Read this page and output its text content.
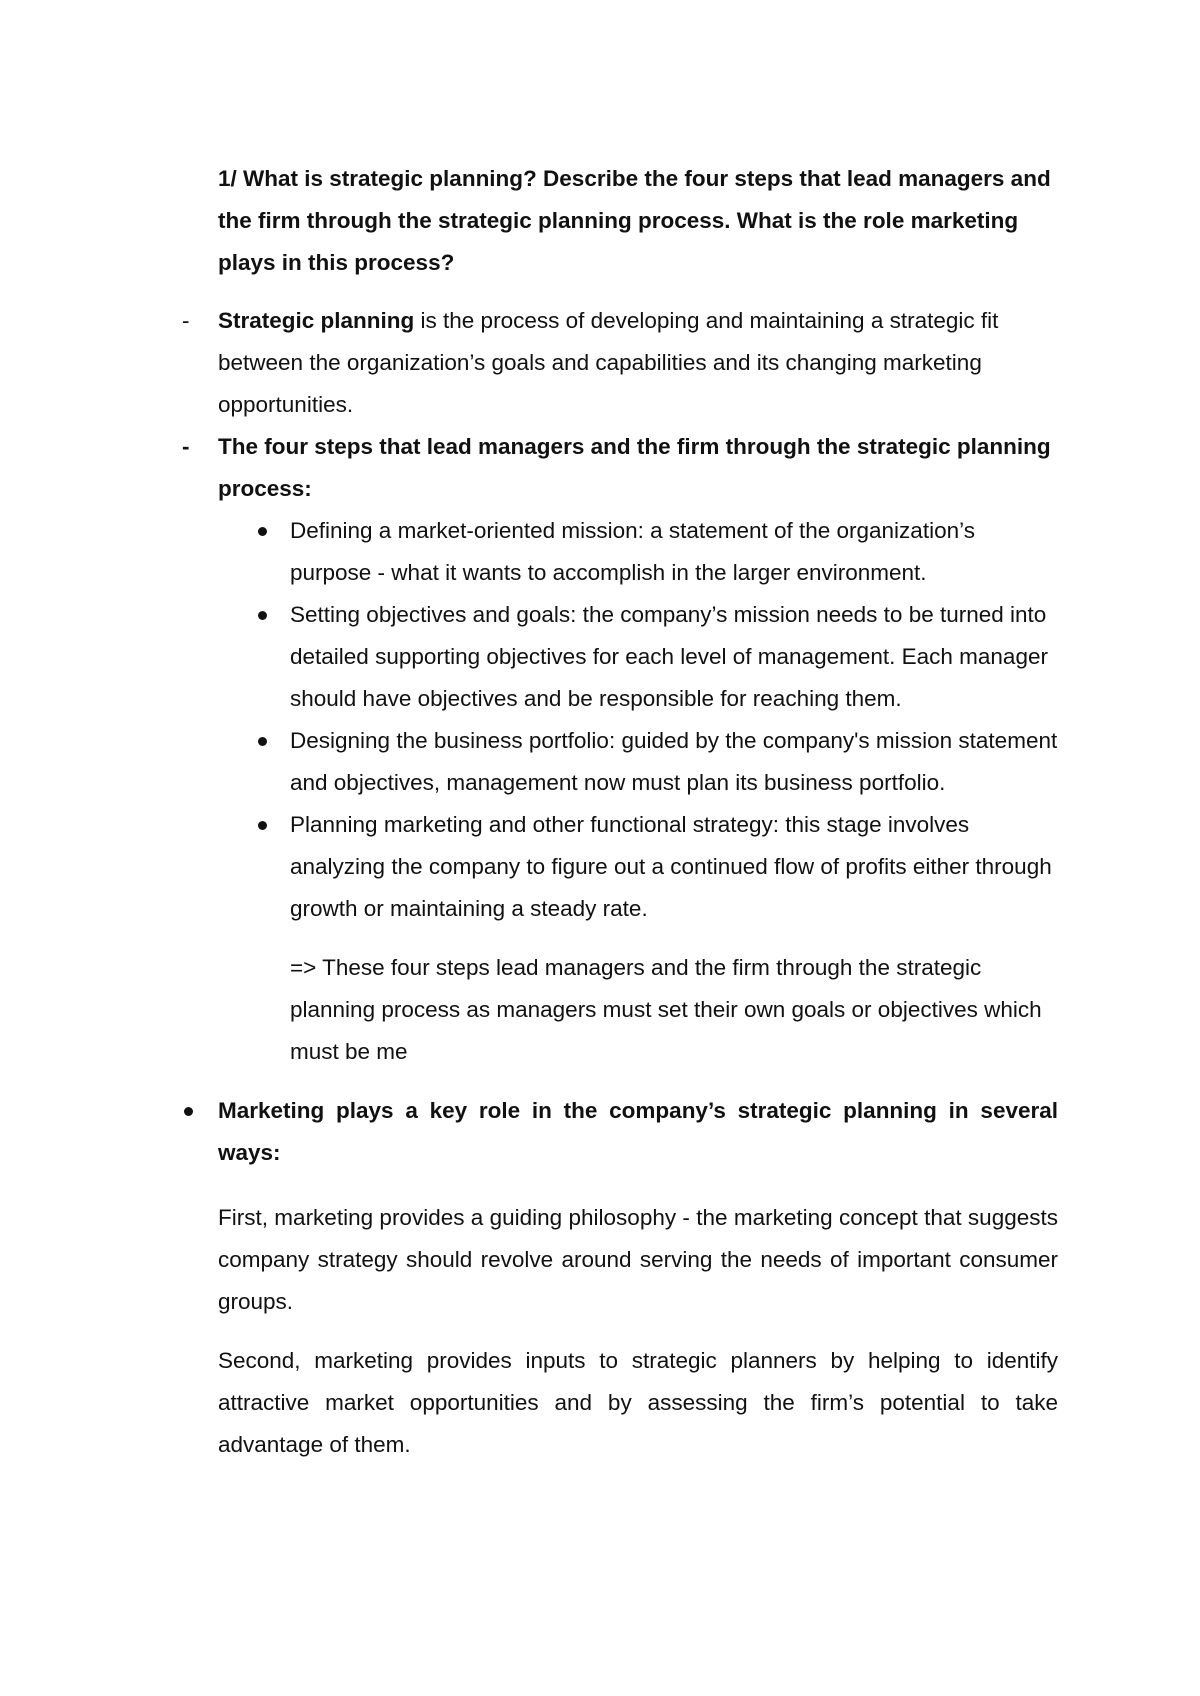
1/ What is strategic planning? Describe the four steps that lead managers and the firm through the strategic planning process. What is the role marketing plays in this process?

- Strategic planning is the process of developing and maintaining a strategic fit between the organization’s goals and capabilities and its changing marketing opportunities.

- The four steps that lead managers and the firm through the strategic planning process:

Defining a market-oriented mission: a statement of the organization’s purpose - what it wants to accomplish in the larger environment.
Setting objectives and goals: the company’s mission needs to be turned into detailed supporting objectives for each level of management. Each manager should have objectives and be responsible for reaching them.
Designing the business portfolio: guided by the company's mission statement and objectives, management now must plan its business portfolio.
Planning marketing and other functional strategy: this stage involves analyzing the company to figure out a continued flow of profits either through growth or maintaining a steady rate.

=> These four steps lead managers and the firm through the strategic planning process as managers must set their own goals or objectives which must be me

Marketing plays a key role in the company’s strategic planning in several ways:

First, marketing provides a guiding philosophy - the marketing concept that suggests company strategy should revolve around serving the needs of important consumer groups.

Second, marketing provides inputs to strategic planners by helping to identify attractive market opportunities and by assessing the firm’s potential to take advantage of them.
